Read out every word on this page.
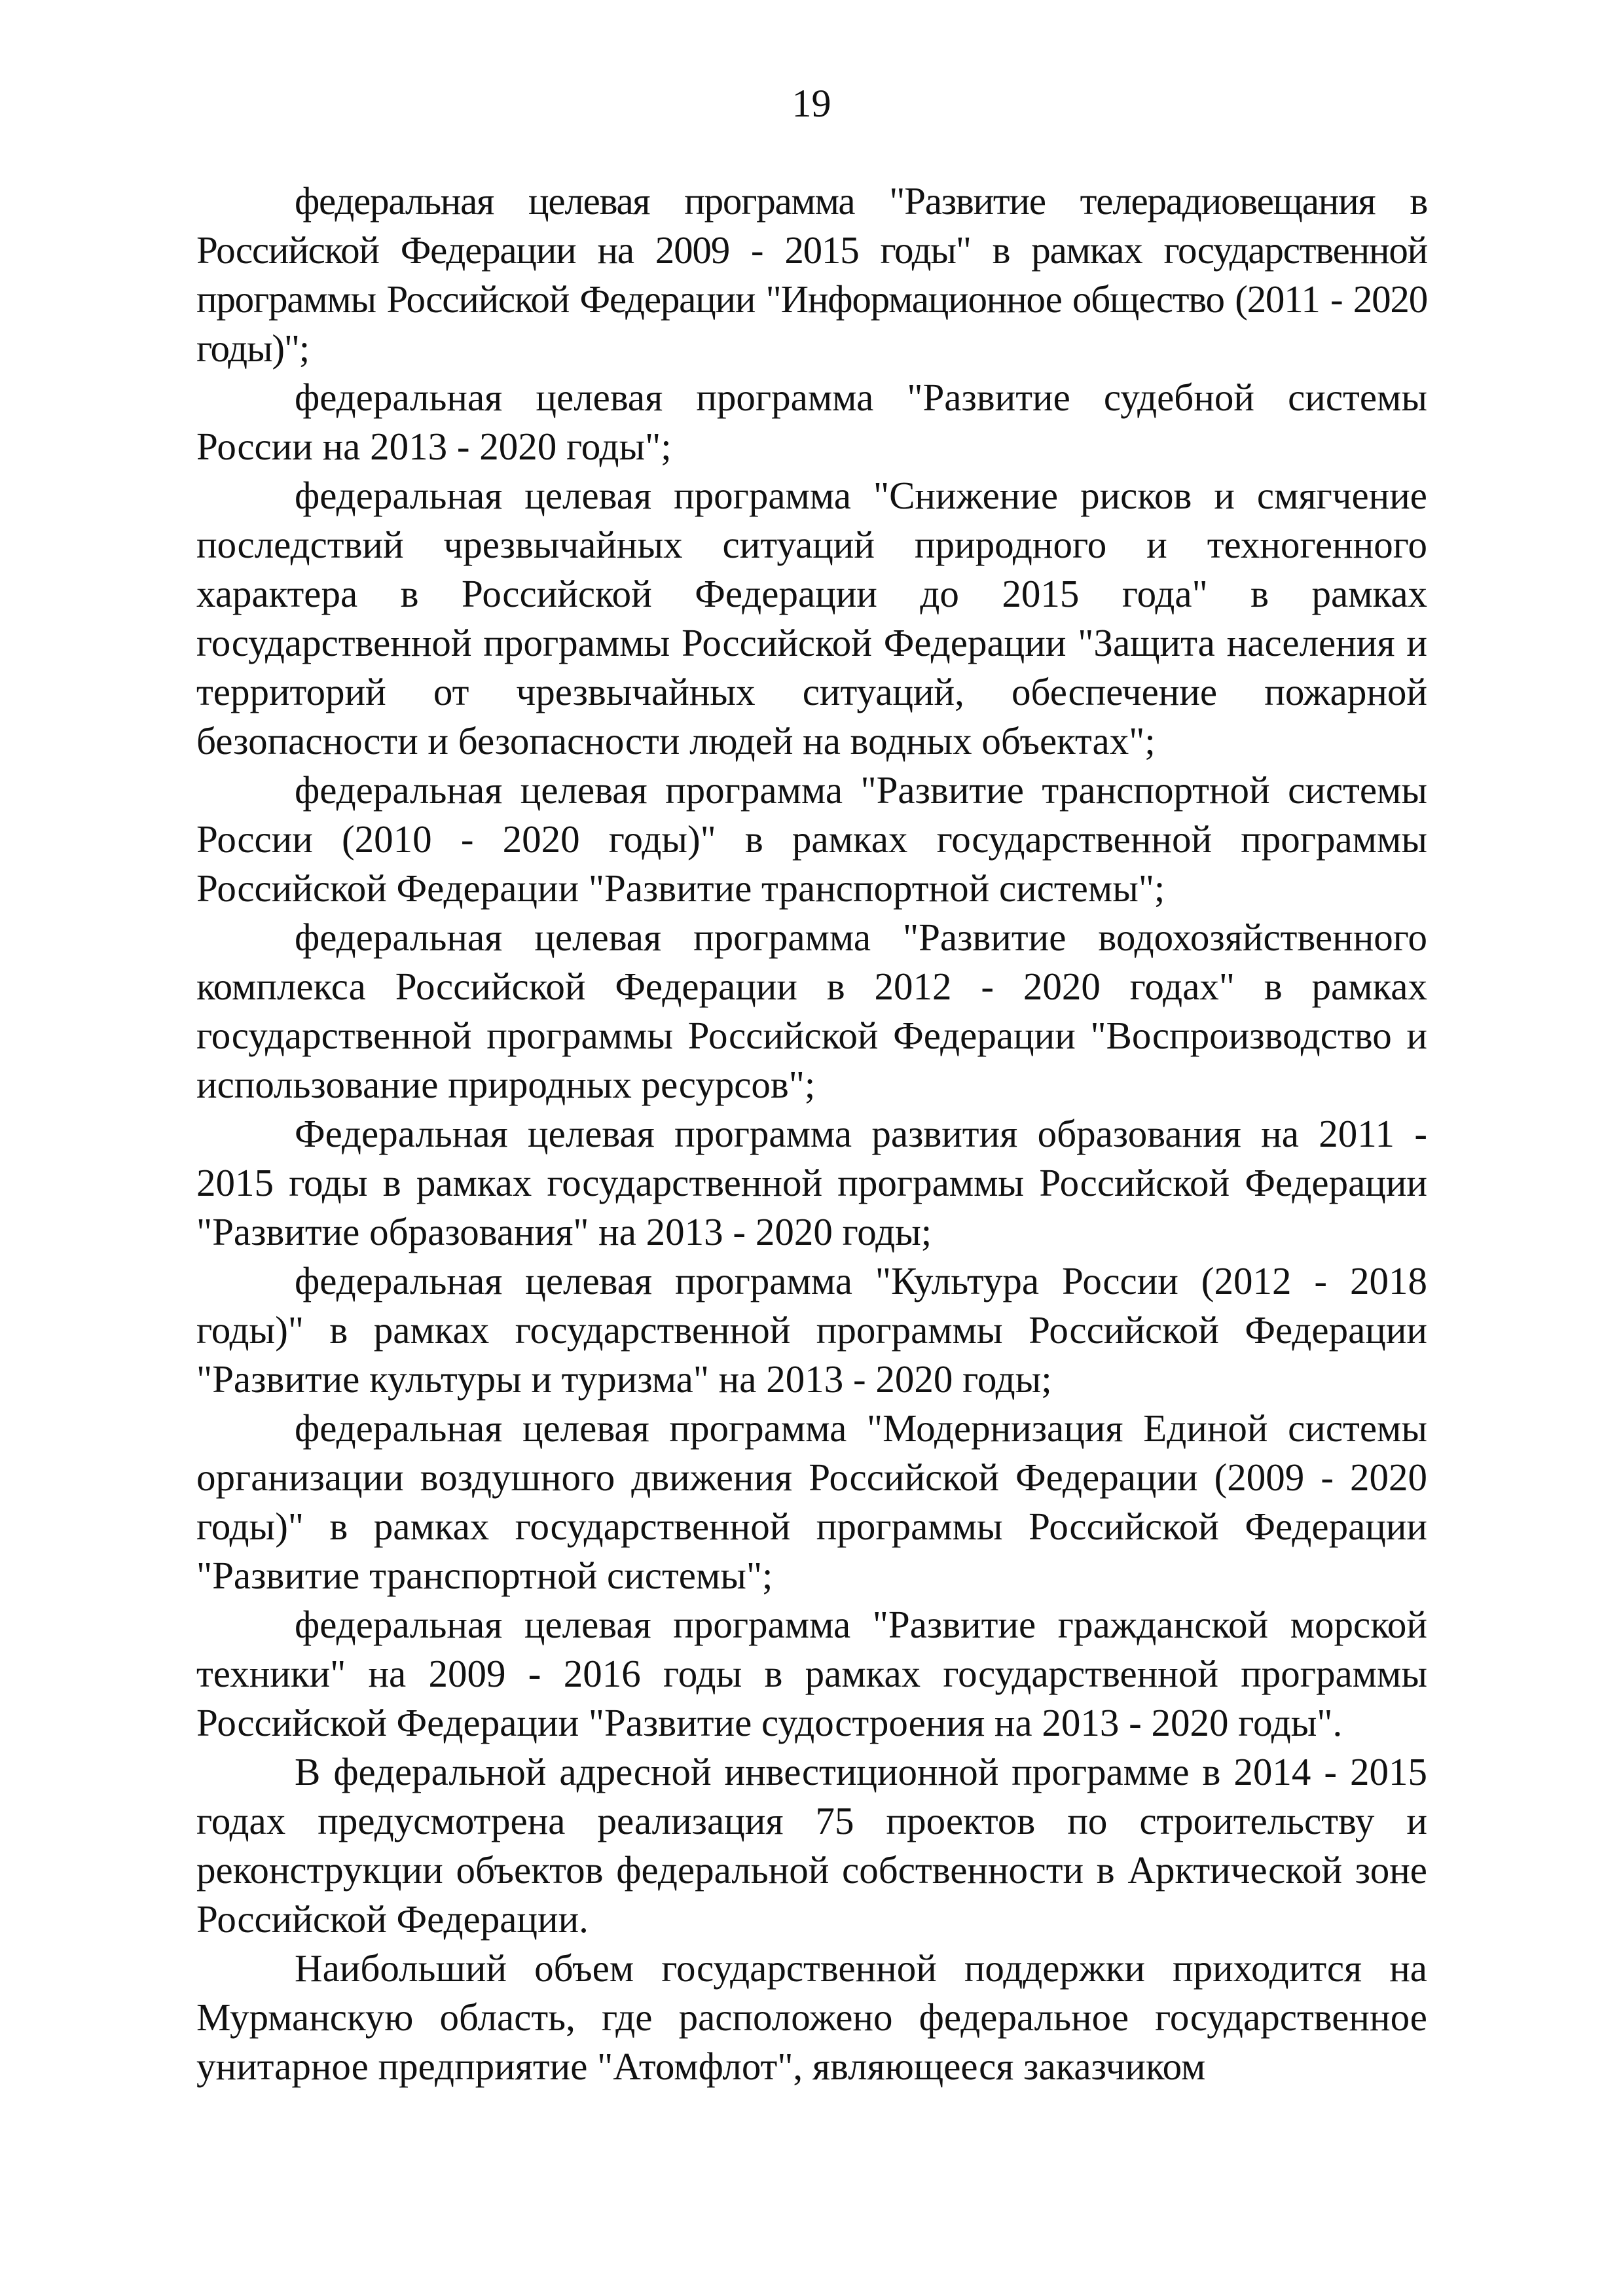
19

федеральная целевая программа "Развитие телерадиовещания в Российской Федерации на 2009 - 2015 годы" в рамках государственной программы Российской Федерации "Информационное общество (2011 - 2020 годы)";

федеральная целевая программа "Развитие судебной системы России на 2013 - 2020 годы";

федеральная целевая программа "Снижение рисков и смягчение последствий чрезвычайных ситуаций природного и техногенного характера в Российской Федерации до 2015 года" в рамках государственной программы Российской Федерации "Защита населения и территорий от чрезвычайных ситуаций, обеспечение пожарной безопасности и безопасности людей на водных объектах";

федеральная целевая программа "Развитие транспортной системы России (2010 - 2020 годы)" в рамках государственной программы Российской Федерации "Развитие транспортной системы";

федеральная целевая программа "Развитие водохозяйственного комплекса Российской Федерации в 2012 - 2020 годах" в рамках государственной программы Российской Федерации "Воспроизводство и использование природных ресурсов";

Федеральная целевая программа развития образования на 2011 - 2015 годы в рамках государственной программы Российской Федерации "Развитие образования" на 2013 - 2020 годы;

федеральная целевая программа "Культура России (2012 - 2018 годы)" в рамках государственной программы Российской Федерации "Развитие культуры и туризма" на 2013 - 2020 годы;

федеральная целевая программа "Модернизация Единой системы организации воздушного движения Российской Федерации (2009 - 2020 годы)" в рамках государственной программы Российской Федерации "Развитие транспортной системы";

федеральная целевая программа "Развитие гражданской морской техники" на 2009 - 2016 годы в рамках государственной программы Российской Федерации "Развитие судостроения на 2013 - 2020 годы".

В федеральной адресной инвестиционной программе в 2014 - 2015 годах предусмотрена реализация 75 проектов по строительству и реконструкции объектов федеральной собственности в Арктической зоне Российской Федерации.

Наибольший объем государственной поддержки приходится на Мурманскую область, где расположено федеральное государственное унитарное предприятие "Атомфлот", являющееся заказчиком
